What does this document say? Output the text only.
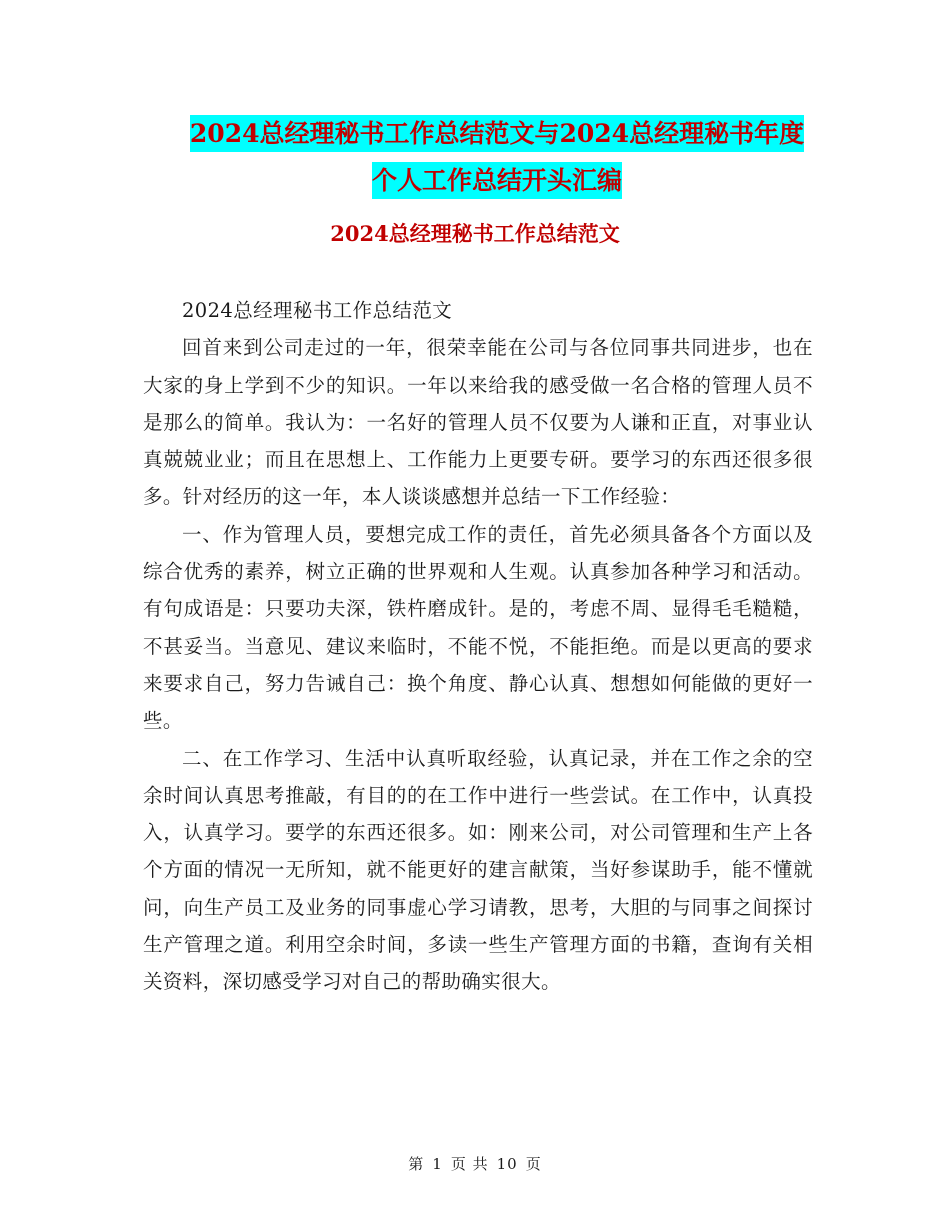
2024总经理秘书工作总结范文与2024总经理秘书年度
个人工作总结开头汇编
2024总经理秘书工作总结范文

2024总经理秘书工作总结范文

回首来到公司走过的一年，很荣幸能在公司与各位同事共同进步，也在大家的身上学到不少的知识。一年以来给我的感受做一名合格的管理人员不是那么的简单。我认为：一名好的管理人员不仅要为人谦和正直，对事业认真兢兢业业；而且在思想上、工作能力上更要专研。要学习的东西还很多很多。针对经历的这一年，本人谈谈感想并总结一下工作经验：

一、作为管理人员，要想完成工作的责任，首先必须具备各个方面以及综合优秀的素养，树立正确的世界观和人生观。认真参加各种学习和活动。有句成语是：只要功夫深，铁杵磨成针。是的，考虑不周、显得毛毛糙糙，不甚妥当。当意见、建议来临时，不能不悦，不能拒绝。而是以更高的要求来要求自己，努力告诫自己：换个角度、静心认真、想想如何能做的更好一些。

二、在工作学习、生活中认真听取经验，认真记录，并在工作之余的空余时间认真思考推敲，有目的的在工作中进行一些尝试。在工作中，认真投入，认真学习。要学的东西还很多。如：刚来公司，对公司管理和生产上各个方面的情况一无所知，就不能更好的建言献策，当好参谋助手，能不懂就问，向生产员工及业务的同事虚心学习请教，思考，大胆的与同事之间探讨生产管理之道。利用空余时间，多读一些生产管理方面的书籍，查询有关相关资料，深切感受学习对自己的帮助确实很大。

第 1 页 共 10 页
